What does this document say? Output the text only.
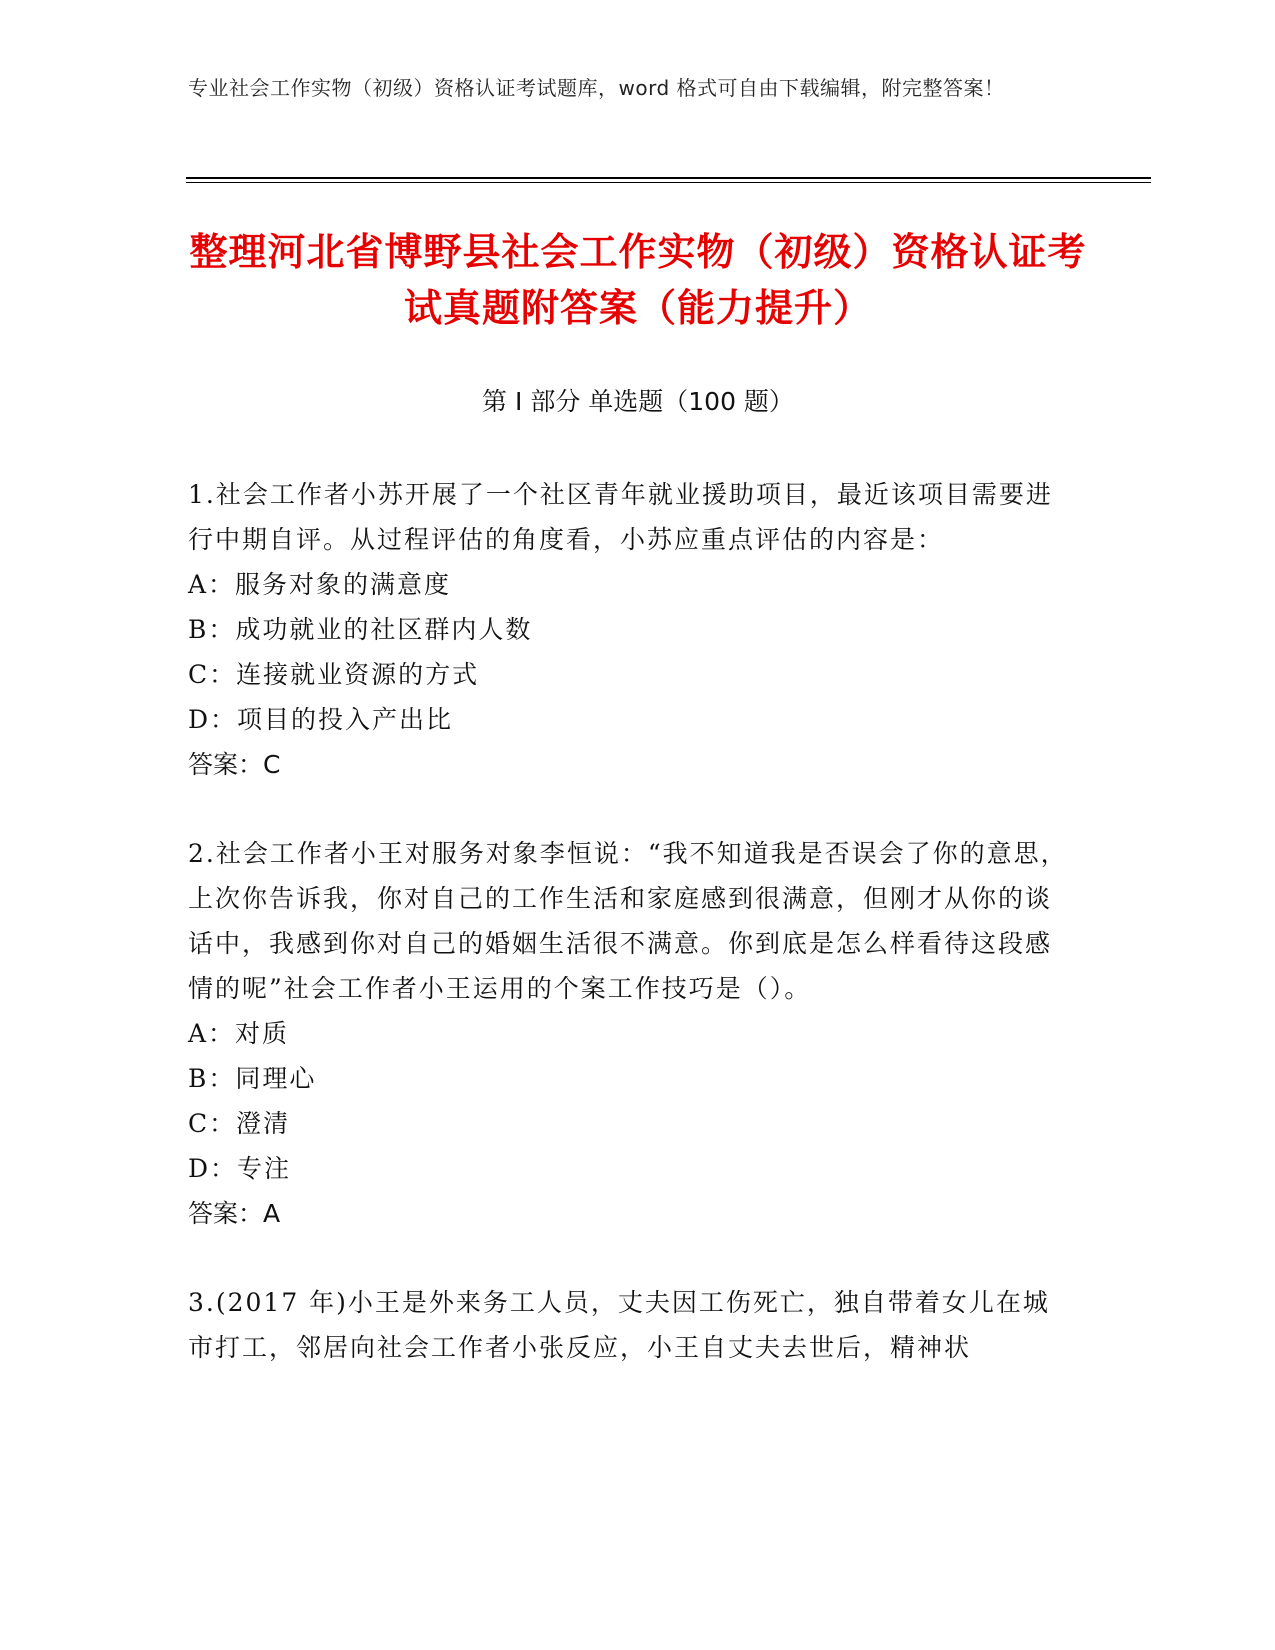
专业社会工作实物（初级）资格认证考试题库，word 格式可自由下载编辑，附完整答案！
整理河北省博野县社会工作实物（初级）资格认证考试真题附答案（能力提升）
第 I 部分 单选题（100 题）
1.社会工作者小苏开展了一个社区青年就业援助项目，最近该项目需要进行中期自评。从过程评估的角度看，小苏应重点评估的内容是：
A：服务对象的满意度
B：成功就业的社区群内人数
C：连接就业资源的方式
D：项目的投入产出比
答案：C
2.社会工作者小王对服务对象李恒说：“我不知道我是否误会了你的意思，上次你告诉我，你对自己的工作生活和家庭感到很满意，但刚才从你的谈话中，我感到你对自己的婚姻生活很不满意。你到底是怎么样看待这段感情的呢”社会工作者小王运用的个案工作技巧是（）。
A：对质
B：同理心
C：澄清
D：专注
答案：A
3.(2017 年)小王是外来务工人员，丈夫因工伤死亡，独自带着女儿在城市打工，邻居向社会工作者小张反应，小王自丈夫去世后，精神状
